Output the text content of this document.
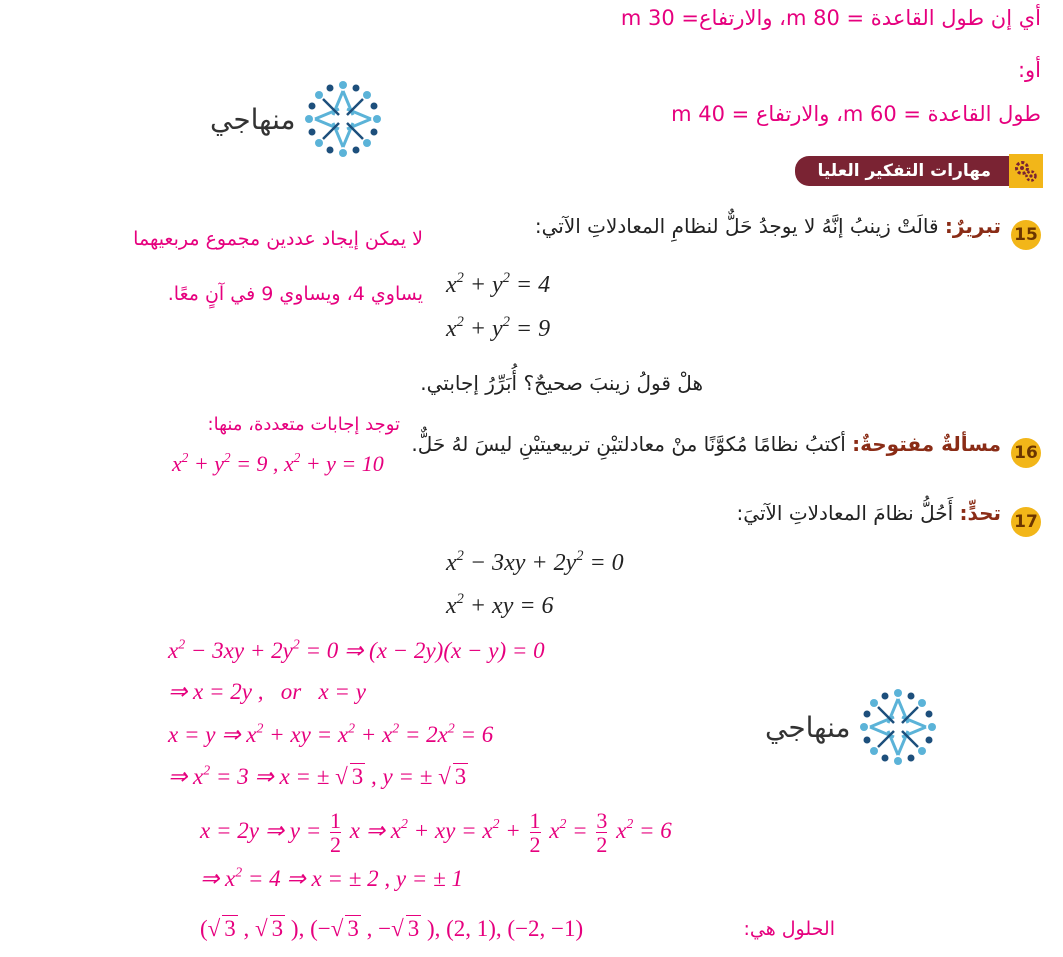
أي إن طول القاعدة = 80 m، والارتفاع= 30 m
أو:
طول القاعدة = 60 m، والارتفاع = 40 m
منهاجي
مهارات التفكير العليا
15
تبريرٌ: قالَتْ زينبُ إنَّهُ لا يوجدُ حَلٌّ لنظامِ المعادلاتِ الآتي:
$x^2 + y^2 = 4$
$x^2 + y^2 = 9$
هلْ قولُ زينبَ صحيحٌ؟ أُبَرِّرُ إجابتي.
لا يمكن إيجاد عددين مجموع مربعيهما
يساوي 4، ويساوي 9 في آنٍ معًا.
16
مسألةٌ مفتوحةٌ: أكتبُ نظامًا مُكوَّنًا منْ معادلتيْنِ تربيعيتيْنِ ليسَ لهُ حَلٌّ.
توجد إجابات متعددة، منها:
$x^2 + y^2 = 9$ , $x^2 + y = 10$
17
تحدٍّ: أَحُلُّ نظامَ المعادلاتِ الآتيَ:
$x^2 - 3xy + 2y^2 = 0$
$x^2$ + xy = 6
$x^2 - 3xy + 2y^2 = 0$ ⇒ (x − 2y)(x − y) = 0
⇒ x = 2y ,   or   x = y
x = y ⇒ $x^2$ + xy = $x^2 + x^2 = 2x^2 = 6$
⇒ $x^2 = 3$ ⇒ x = ± √ 3 , y = ± √ 3
x = 2y ⇒ $y = \frac{1}{2}$ x ⇒ $x^2$ + xy = $x^2 + \frac{1}{2} x^2 = \frac{3}{2} x^2 = 6$
⇒ $x^2 = 4$ ⇒ x = ± 2 , y = ± 1
(√ 3 , √ 3 ), (−√ 3 , −√ 3 ), (2, 1), (−2, −1)	الحلول هي:
منهاجي
